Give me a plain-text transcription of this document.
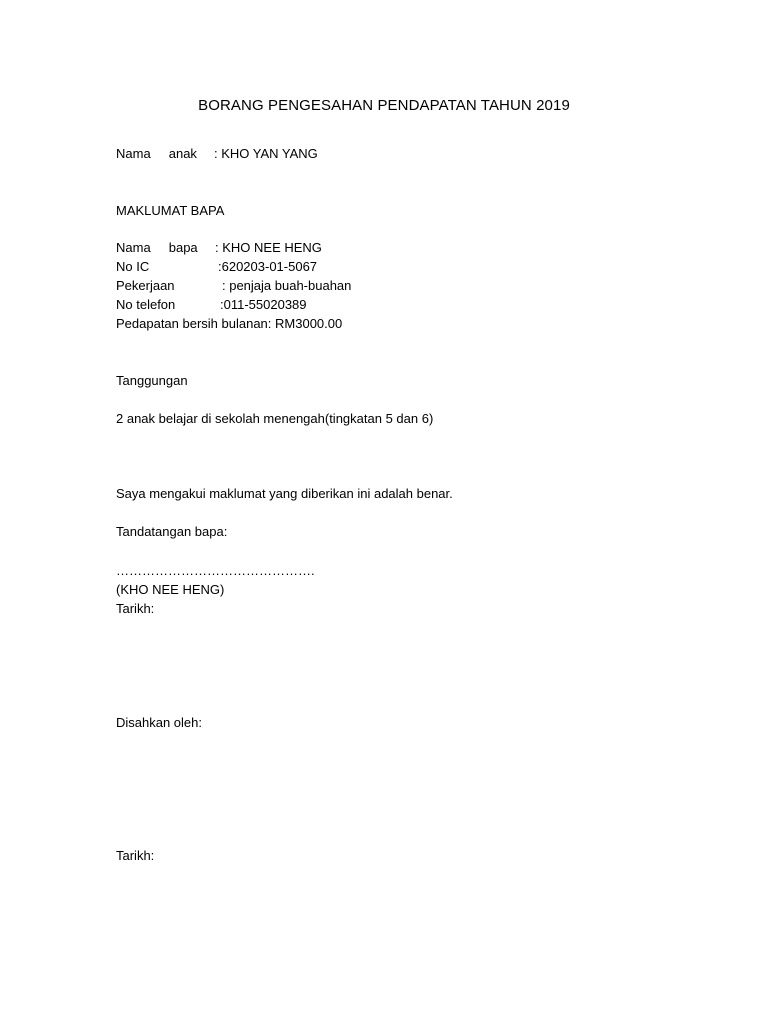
BORANG PENGESAHAN PENDAPATAN TAHUN 2019
Nama     anak : KHO YAN YANG
MAKLUMAT BAPA
Nama     bapa : KHO NEE HENG
No IC	:620203-01-5067
Pekerjaan	: penjaja buah-buahan
No telefon	:011-55020389
Pedapatan bersih bulanan: RM3000.00
Tanggungan
2 anak belajar di sekolah menengah(tingkatan 5 dan 6)
Saya mengakui maklumat yang diberikan ini adalah benar.
Tandatangan bapa:
……………………………………….
(KHO NEE HENG)
Tarikh:
Disahkan oleh:
Tarikh:
